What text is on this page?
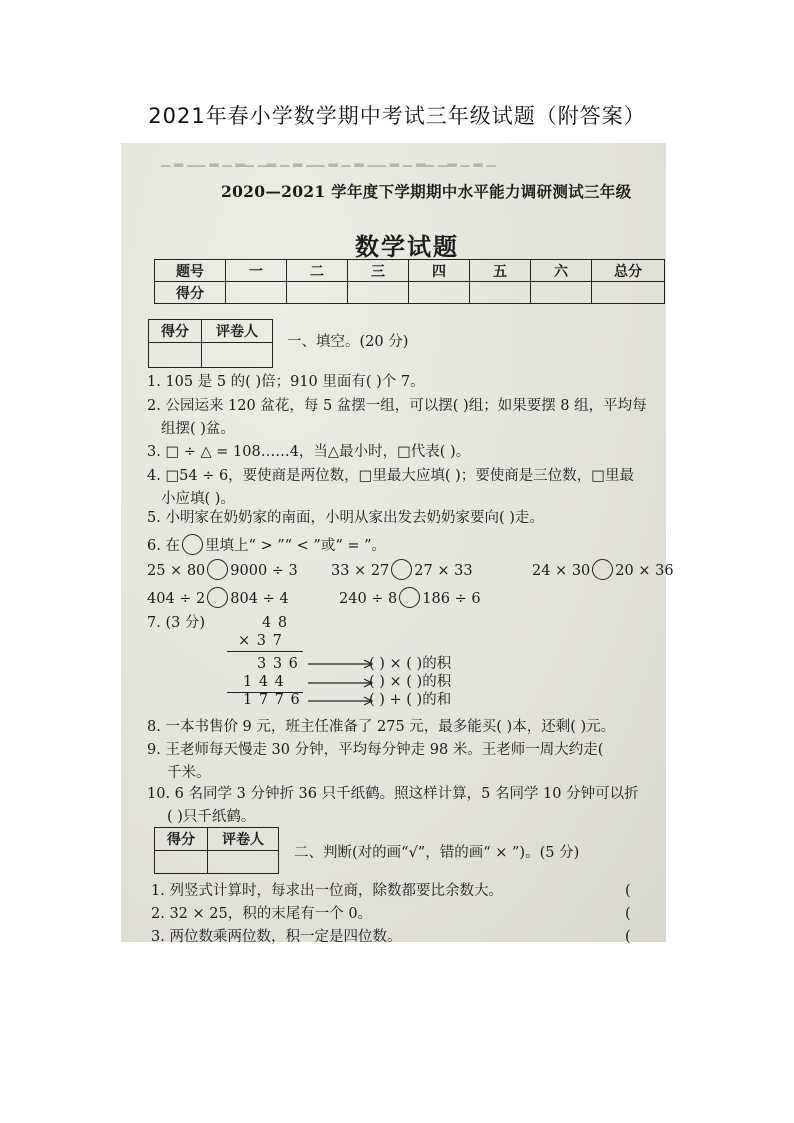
2021年春小学数学期中考试三年级试题（附答案）
▁ ▂ ▁▁ ▂ ▁ ▂▁ ▁▂ ▁ ▂ ▁▁ ▂ ▁ ▂ ▁▁ ▂ ▁ ▂▁ ▁▂ ▁ ▂ ▁
2020—2021 学年度下学期期中水平能力调研测试三年级
数学试题
题号	一	二	三	四	五	六	总分
得分							
得分	评卷人

一、填空。(20 分)
1. 105 是 5 的( )倍；910 里面有( )个 7。
2. 公园运来 120 盆花，每 5 盆摆一组，可以摆( )组；如果要摆 8 组，平均每
组摆( )盆。
3. □ ÷ △ = 108……4，当△最小时，□代表( )。
4. □54 ÷ 6，要使商是两位数，□里最大应填( )；要使商是三位数，□里最
小应填( )。
5. 小明家在奶奶家的南面，小明从家出发去奶奶家要向( )走。
6. 在 里填上“ > ”“ < ”或“ = ”。
25 × 80 9000 ÷ 3 33 × 27 27 × 33	24 × 30 20 × 36
404 ÷ 2 804 ÷ 4	240 ÷ 8 186 ÷ 6
7. (3 分)	4 8
× 3 7
3 3 6
1 4 4
1 7 7 6
( ) × ( )的积
( ) × ( )的积
( ) + ( )的和
8. 一本书售价 9 元，班主任准备了 275 元，最多能买( )本，还剩( )元。
9. 王老师每天慢走 30 分钟，平均每分钟走 98 米。王老师一周大约走(
千米。
10. 6 名同学 3 分钟折 36 只千纸鹤。照这样计算，5 名同学 10 分钟可以折
( )只千纸鹤。
得分	评卷人

二、判断(对的画“√”，错的画“ × ”)。(5 分)
1. 列竖式计算时，每求出一位商，除数都要比余数大。	(
2. 32 × 25，积的末尾有一个 0。	(
3. 两位数乘两位数，积一定是四位数。	(
